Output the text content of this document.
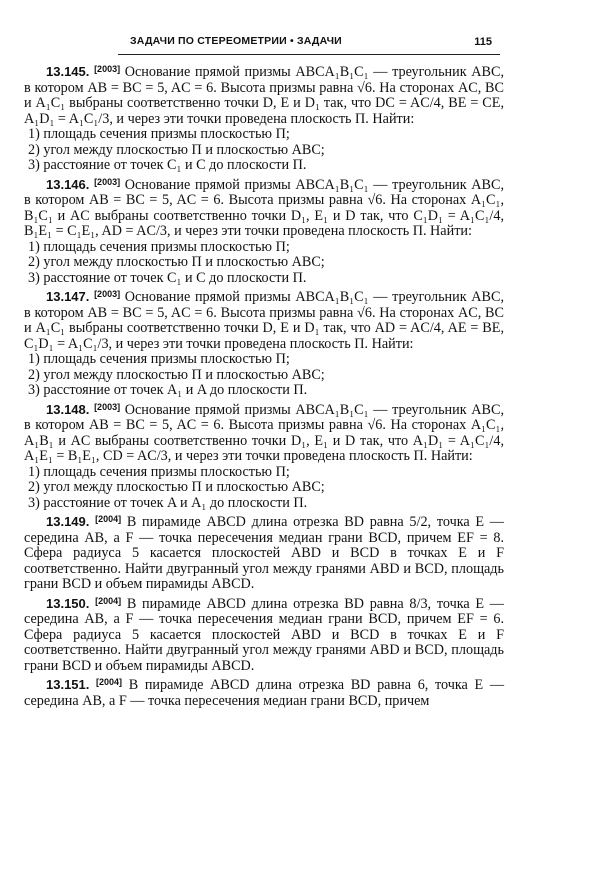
ЗАДАЧИ ПО СТЕРЕОМЕТРИИ • ЗАДАЧИ	115

13.145. [2003] Основание прямой призмы ABCA₁B₁C₁ — треугольник ABC, в котором AB = BC = 5, AC = 6. Высота призмы равна √6. На сторонах AC, BC и A₁C₁ выбраны соответственно точки D, E и D₁ так, что DC = AC/4, BE = CE, A₁D₁ = A₁C₁/3, и через эти точки проведена плоскость П. Найти:

1) площадь сечения призмы плоскостью П;

2) угол между плоскостью П и плоскостью ABC;

3) расстояние от точек C₁ и C до плоскости П.

13.146. [2003] Основание прямой призмы ABCA₁B₁C₁ — треугольник ABC, в котором AB = BC = 5, AC = 6. Высота призмы равна √6. На сторонах A₁C₁, B₁C₁ и AC выбраны соответственно точки D₁, E₁ и D так, что C₁D₁ = A₁C₁/4, B₁E₁ = C₁E₁, AD = AC/3, и через эти точки проведена плоскость П. Найти:

1) площадь сечения призмы плоскостью П;

2) угол между плоскостью П и плоскостью ABC;

3) расстояние от точек C₁ и C до плоскости П.

13.147. [2003] Основание прямой призмы ABCA₁B₁C₁ — треугольник ABC, в котором AB = BC = 5, AC = 6. Высота призмы равна √6. На сторонах AC, BC и A₁C₁ выбраны соответственно точки D, E и D₁ так, что AD = AC/4, AE = BE, C₁D₁ = A₁C₁/3, и через эти точки проведена плоскость П. Найти:

1) площадь сечения призмы плоскостью П;

2) угол между плоскостью П и плоскостью ABC;

3) расстояние от точек A₁ и A до плоскости П.

13.148. [2003] Основание прямой призмы ABCA₁B₁C₁ — треугольник ABC, в котором AB = BC = 5, AC = 6. Высота призмы равна √6. На сторонах A₁C₁, A₁B₁ и AC выбраны соответственно точки D₁, E₁ и D так, что A₁D₁ = A₁C₁/4, A₁E₁ = B₁E₁, CD = AC/3, и через эти точки проведена плоскость П. Найти:

1) площадь сечения призмы плоскостью П;

2) угол между плоскостью П и плоскостью ABC;

3) расстояние от точек A и A₁ до плоскости П.

13.149. [2004] В пирамиде ABCD длина отрезка BD равна 5/2, точка E — середина AB, а F — точка пересечения медиан грани BCD, причем EF = 8. Сфера радиуса 5 касается плоскостей ABD и BCD в точках E и F соответственно. Найти двугранный угол между гранями ABD и BCD, площадь грани BCD и объем пирамиды ABCD.

13.150. [2004] В пирамиде ABCD длина отрезка BD равна 8/3, точка E — середина AB, а F — точка пересечения медиан грани BCD, причем EF = 6. Сфера радиуса 5 касается плоскостей ABD и BCD в точках E и F соответственно. Найти двугранный угол между гранями ABD и BCD, площадь грани BCD и объем пирамиды ABCD.

13.151. [2004] В пирамиде ABCD длина отрезка BD равна 6, точка E — середина AB, а F — точка пересечения медиан грани BCD, причем
